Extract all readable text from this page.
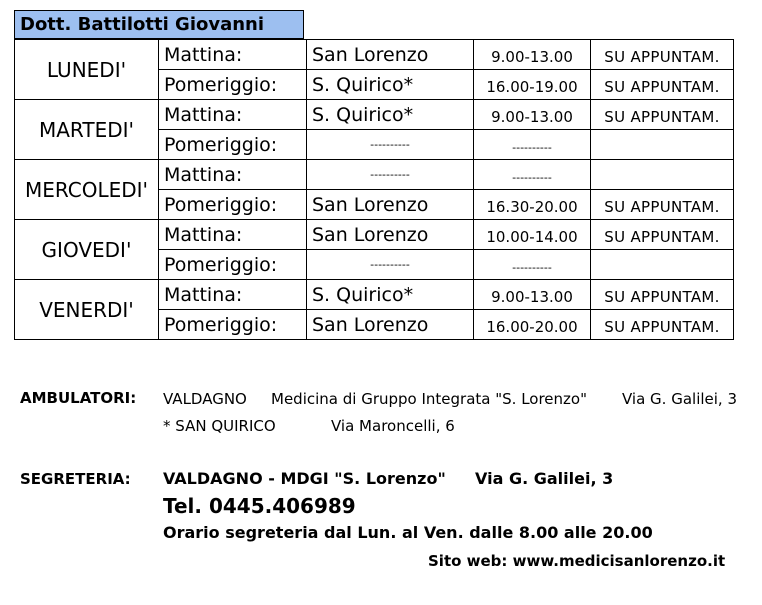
Dott. Battilotti Giovanni
LUNEDI'	Mattina:	San Lorenzo	9.00-13.00	SU APPUNTAM.
	Pomeriggio:	S. Quirico*	16.00-19.00	SU APPUNTAM.
MARTEDI'	Mattina:	S. Quirico*	9.00-13.00	SU APPUNTAM.
	Pomeriggio:	----------	----------	
MERCOLEDI'	Mattina:	----------	----------	
	Pomeriggio:	San Lorenzo	16.30-20.00	SU APPUNTAM.
GIOVEDI'	Mattina:	San Lorenzo	10.00-14.00	SU APPUNTAM.
	Pomeriggio:	----------	----------	
VENERDI'	Mattina:	S. Quirico*	9.00-13.00	SU APPUNTAM.
	Pomeriggio:	San Lorenzo	16.00-20.00	SU APPUNTAM.
AMBULATORI: VALDAGNO Medicina di Gruppo Integrata "S. Lorenzo" Via G. Galilei, 3
* SAN QUIRICO	Via Maroncelli, 6
SEGRETERIA: VALDAGNO - MDGI "S. Lorenzo" Via G. Galilei, 3
Tel. 0445.406989
Orario segreteria dal Lun. al Ven. dalle 8.00 alle 20.00
Sito web: www.medicisanlorenzo.it
